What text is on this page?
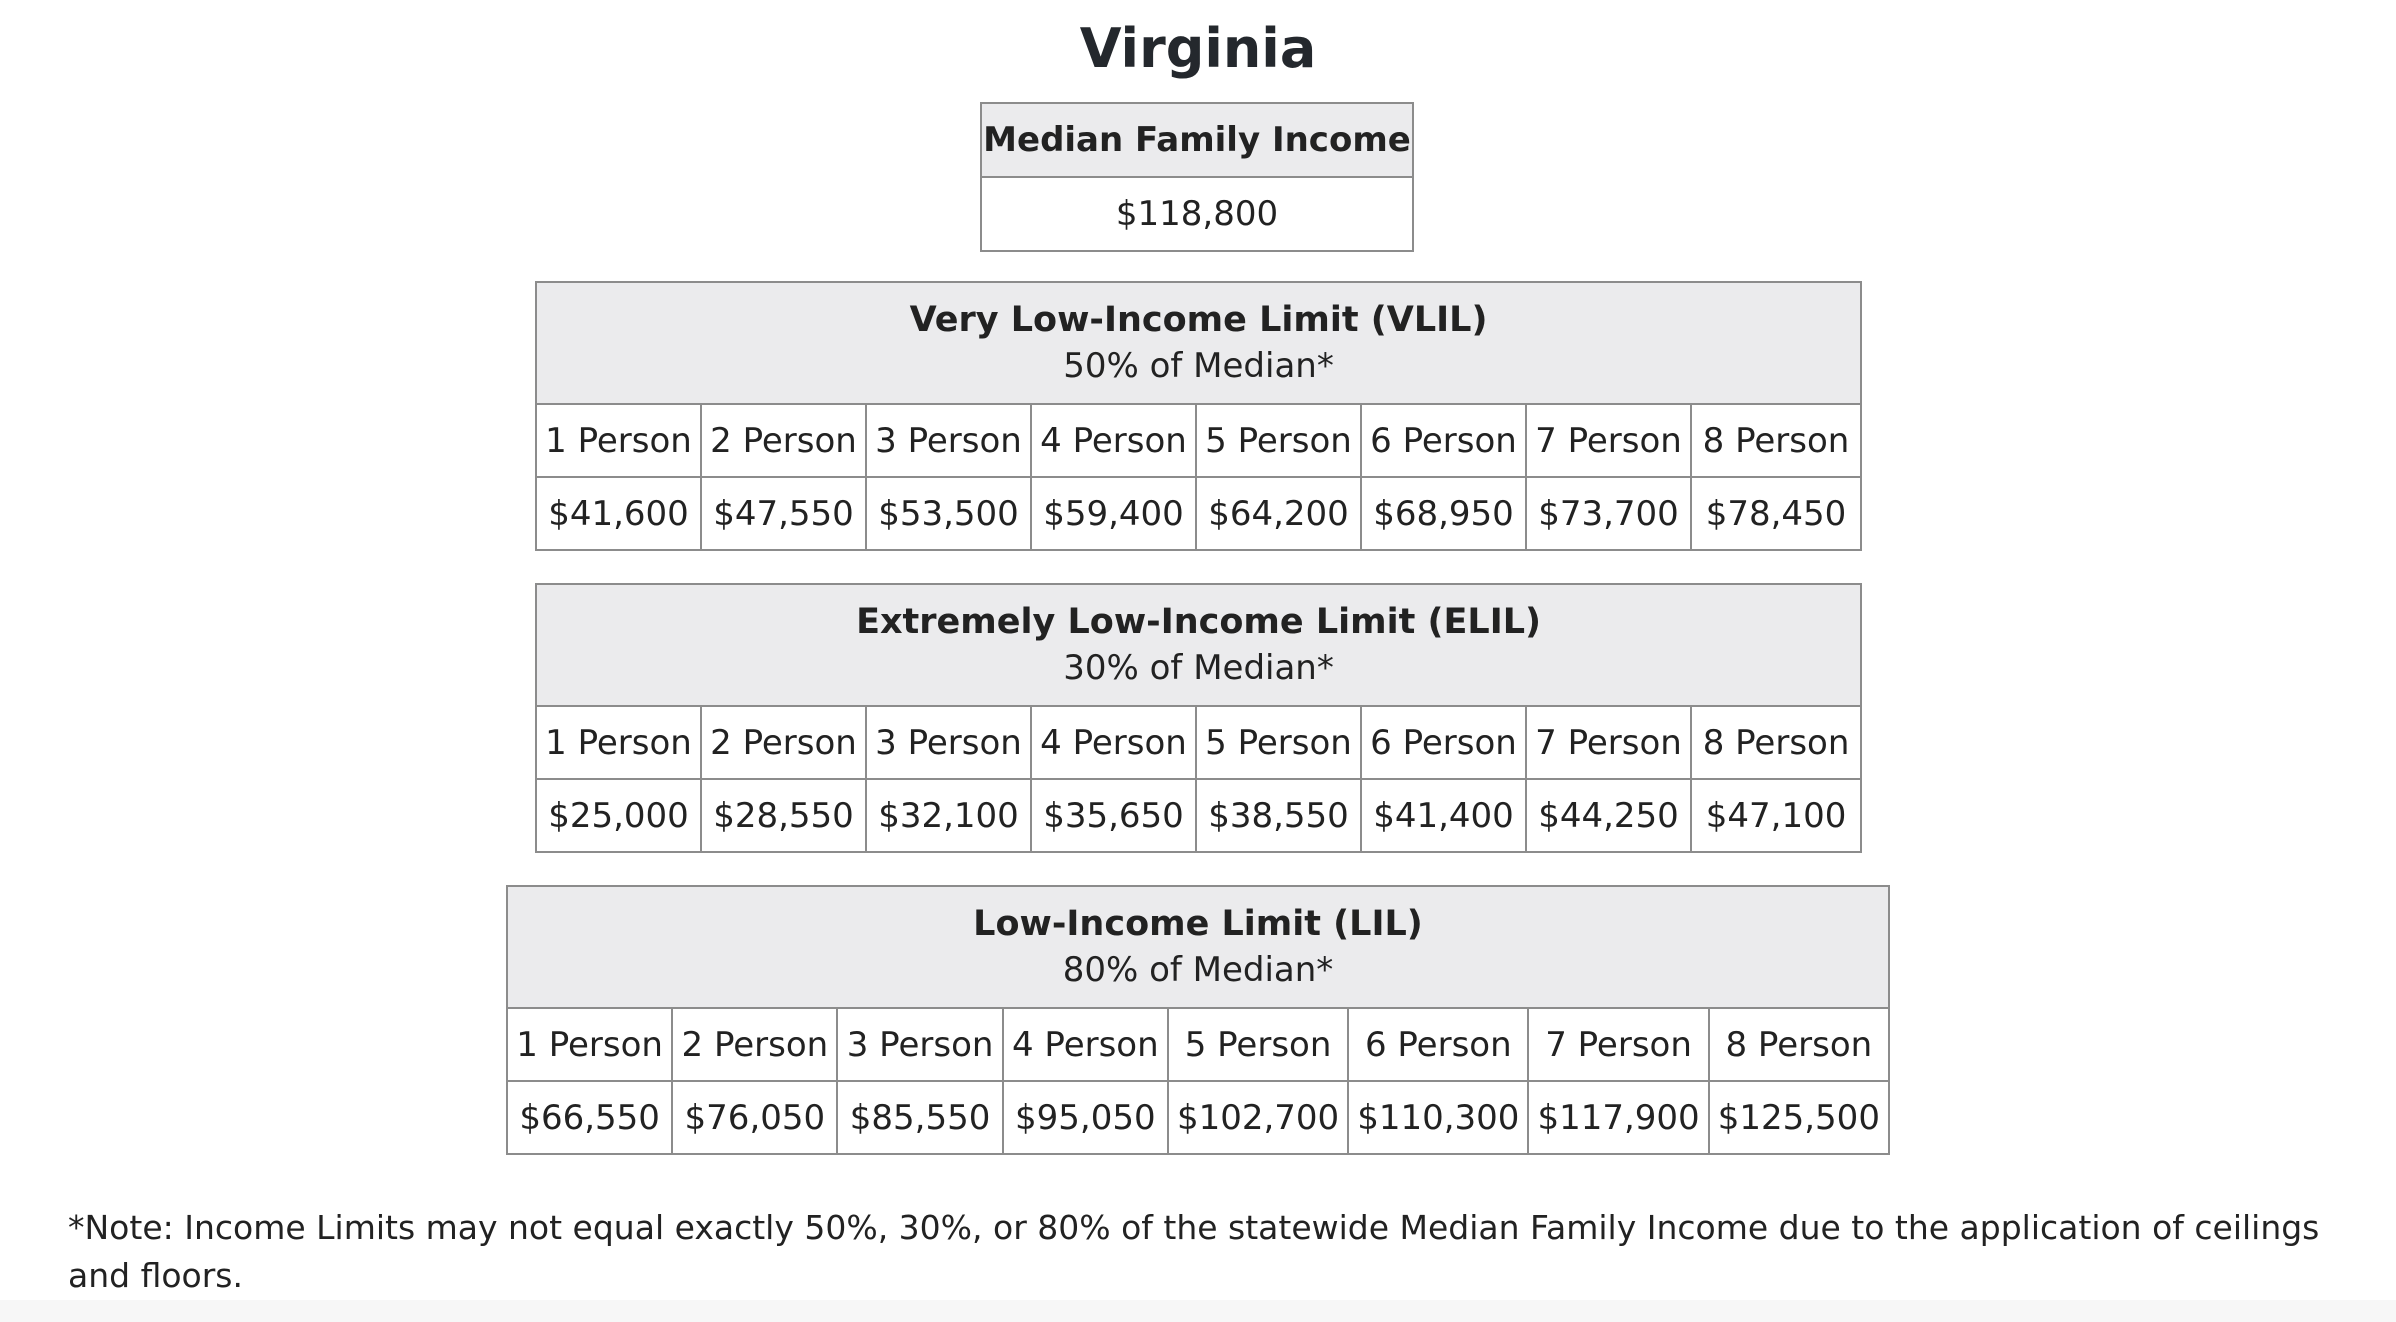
Virginia
Median Family Income
$118,800
Very Low-Income Limit (VLIL)
50% of Median*							

1 Person	2 Person	3 Person	4 Person	5 Person	6 Person	7 Person	8 Person
$41,600	$47,550	$53,500	$59,400	$64,200	$68,950	$73,700	$78,450
Extremely Low-Income Limit (ELIL)
30% of Median*							

1 Person	2 Person	3 Person	4 Person	5 Person	6 Person	7 Person	8 Person
$25,000	$28,550	$32,100	$35,650	$38,550	$41,400	$44,250	$47,100
Low-Income Limit (LIL)
80% of Median*							

1 Person	2 Person	3 Person	4 Person	5 Person	6 Person	7 Person	8 Person
$66,550	$76,050	$85,550	$95,050	$102,700	$110,300	$117,900	$125,500
*Note: Income Limits may not equal exactly 50%, 30%, or 80% of the statewide Median Family Income due to the application of ceilings and floors.
